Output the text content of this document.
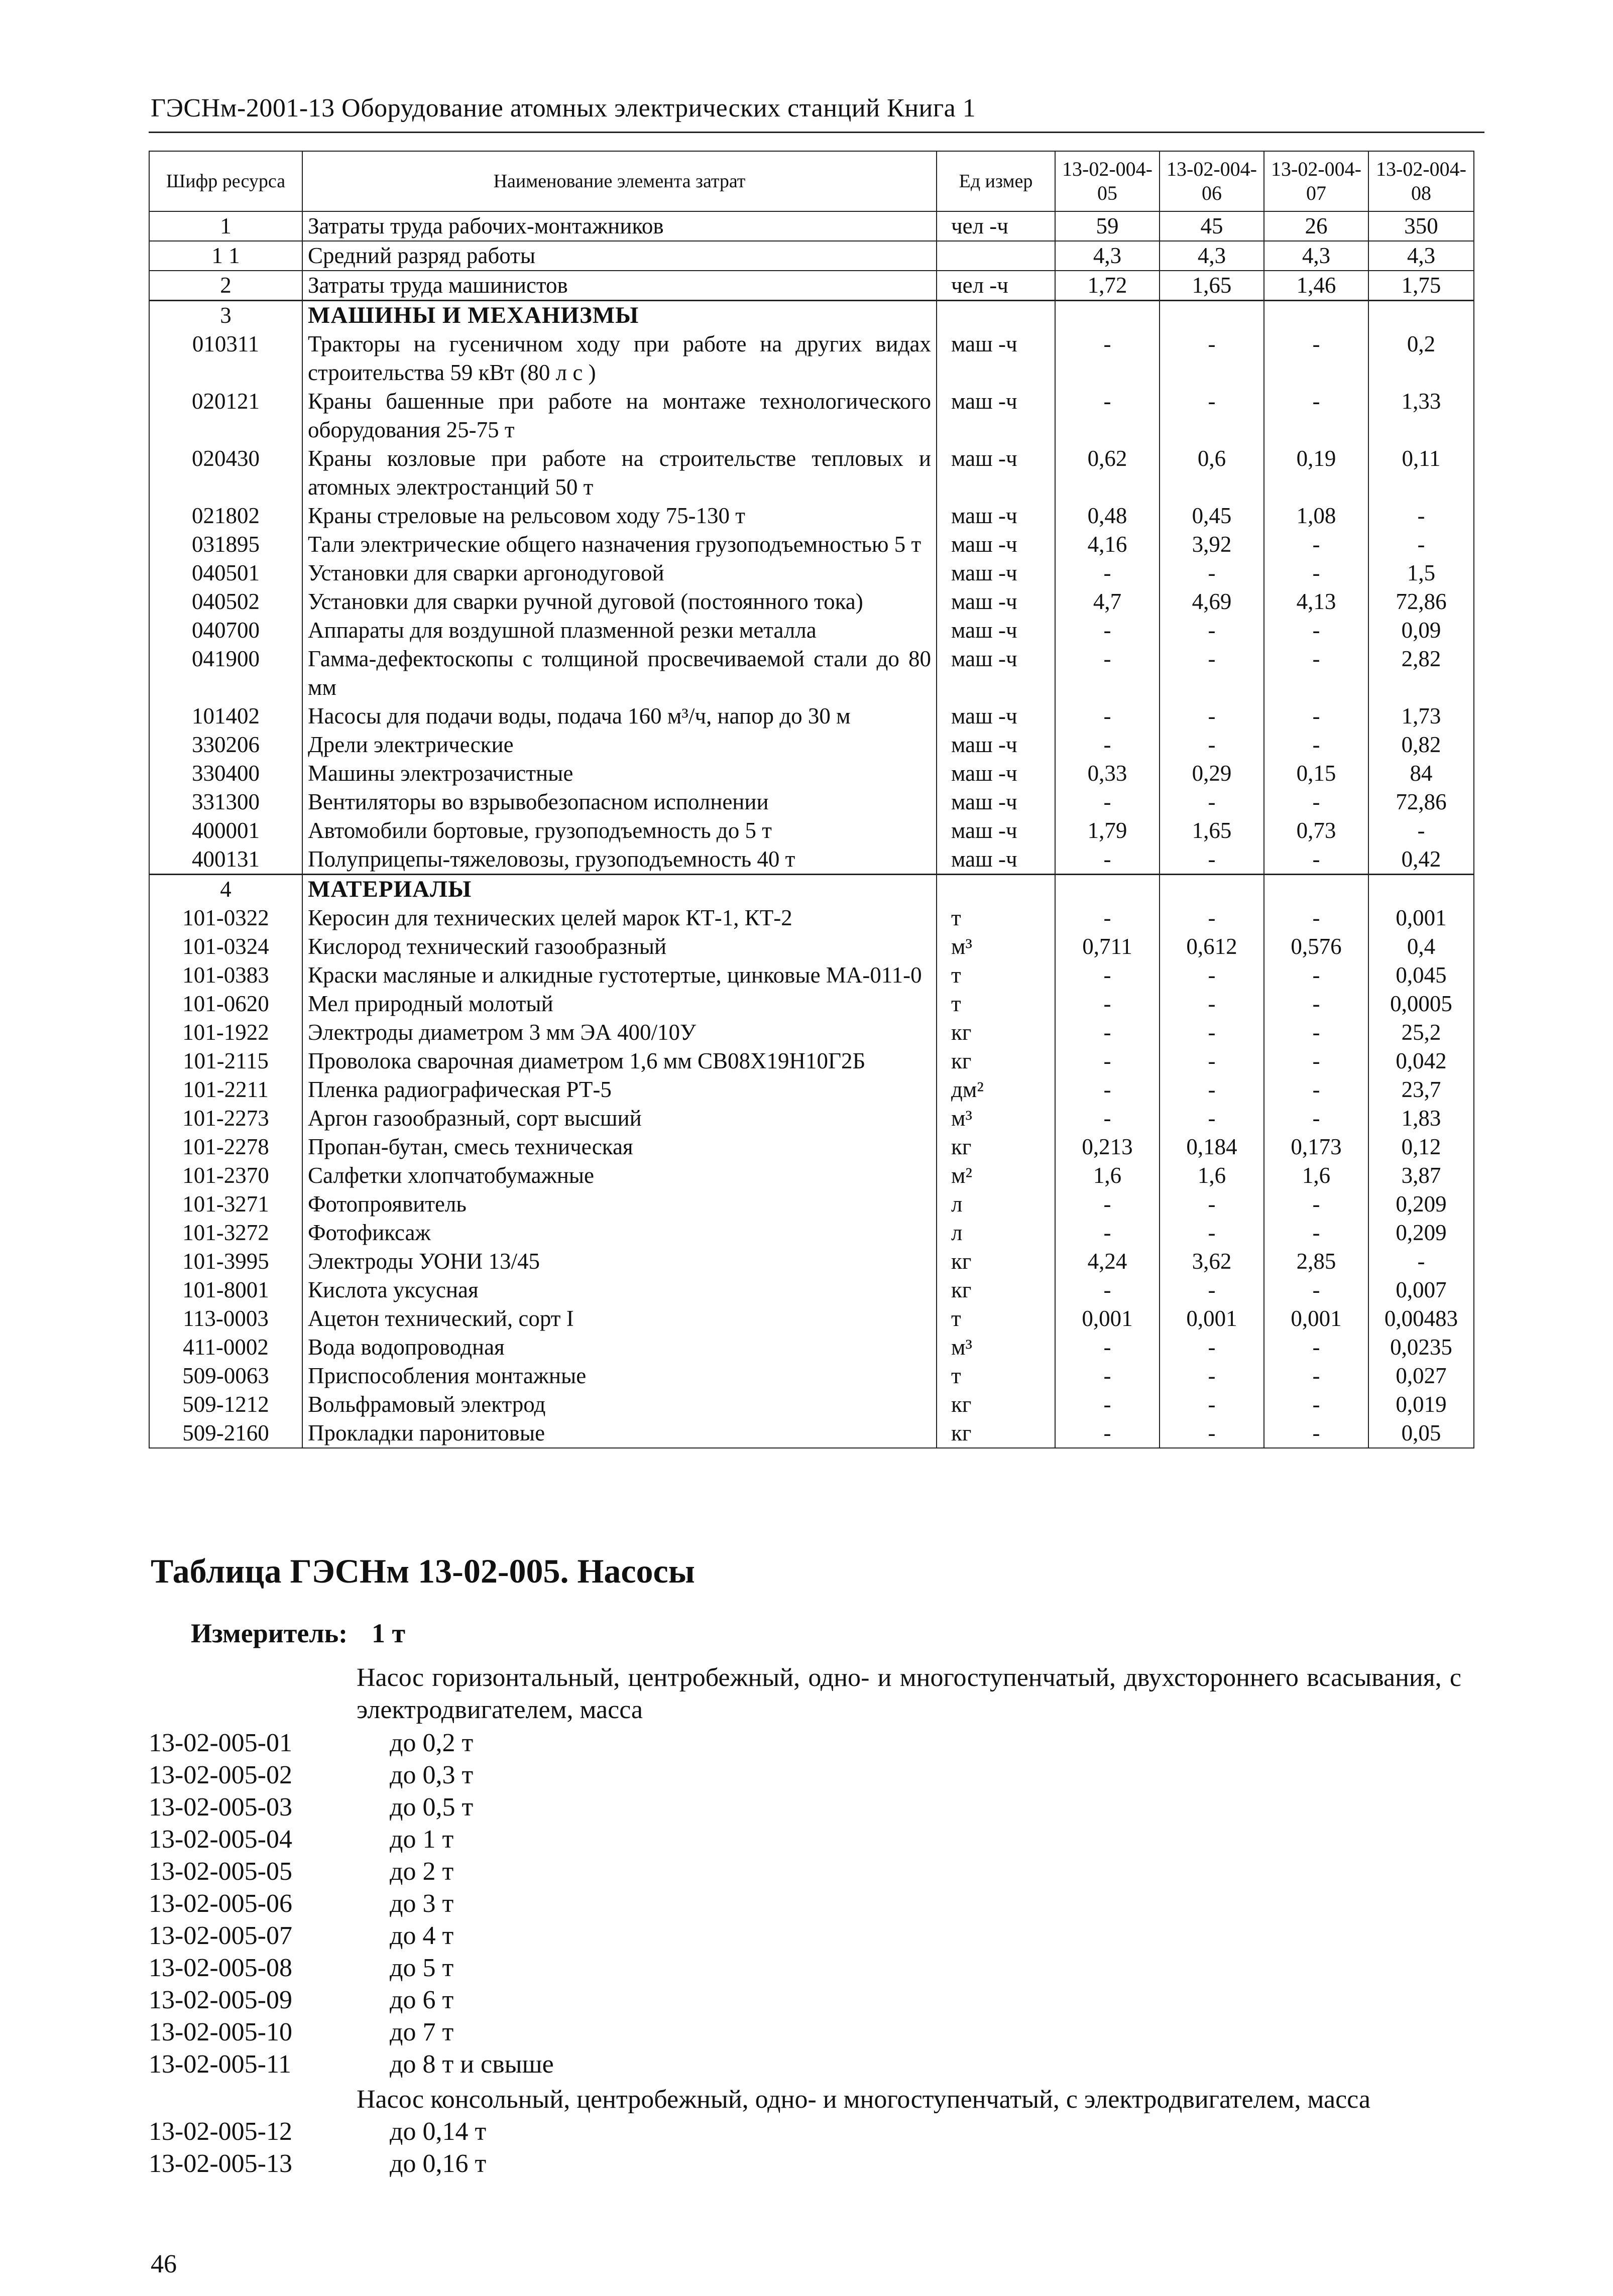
ГЭСНм-2001-13 Оборудование атомных электрических станций Книга 1
Шифр ресурса	Наименование элемента затрат	Ед измер	13-02-004-05	13-02-004-06	13-02-004-07	13-02-004-08
1	Затраты труда рабочих-монтажников	чел -ч	59	45	26	350
1 1	Средний разряд работы		4,3	4,3	4,3	4,3
2	Затраты труда машинистов	чел -ч	1,72	1,65	1,46	1,75
3	МАШИНЫ И МЕХАНИЗМЫ					
010311	Тракторы на гусеничном ходу при работе на других видах строительства 59 кВт (80 л с )	маш -ч	-	-	-	0,2
020121	Краны башенные при работе на монтаже технологического оборудования 25-75 т	маш -ч	-	-	-	1,33
020430	Краны козловые при работе на строительстве тепловых и атомных электростанций 50 т	маш -ч	0,62	0,6	0,19	0,11
021802	Краны стреловые на рельсовом ходу 75-130 т	маш -ч	0,48	0,45	1,08	-
031895	Тали электрические общего назначения грузоподъемностью 5 т	маш -ч	4,16	3,92	-	-
040501	Установки для сварки аргонодуговой	маш -ч	-	-	-	1,5
040502	Установки для сварки ручной дуговой (постоянного тока)	маш -ч	4,7	4,69	4,13	72,86
040700	Аппараты для воздушной плазменной резки металла	маш -ч	-	-	-	0,09
041900	Гамма-дефектоскопы с толщиной просвечиваемой стали до 80 мм	маш -ч	-	-	-	2,82
101402	Насосы для подачи воды, подача 160 м³/ч, напор до 30 м	маш -ч	-	-	-	1,73
330206	Дрели электрические	маш -ч	-	-	-	0,82
330400	Машины электрозачистные	маш -ч	0,33	0,29	0,15	84
331300	Вентиляторы во взрывобезопасном исполнении	маш -ч	-	-	-	72,86
400001	Автомобили бортовые, грузоподъемность до 5 т	маш -ч	1,79	1,65	0,73	-
400131	Полуприцепы-тяжеловозы, грузоподъемность 40 т	маш -ч	-	-	-	0,42
4	МАТЕРИАЛЫ					
101-0322	Керосин для технических целей марок КТ-1, КТ-2	т	-	-	-	0,001
101-0324	Кислород технический газообразный	м³	0,711	0,612	0,576	0,4
101-0383	Краски масляные и алкидные густотертые, цинковые МА-011-0	т	-	-	-	0,045
101-0620	Мел природный молотый	т	-	-	-	0,0005
101-1922	Электроды диаметром 3 мм ЭА 400/10У	кг	-	-	-	25,2
101-2115	Проволока сварочная диаметром 1,6 мм СВ08Х19Н10Г2Б	кг	-	-	-	0,042
101-2211	Пленка радиографическая РТ-5	дм²	-	-	-	23,7
101-2273	Аргон газообразный, сорт высший	м³	-	-	-	1,83
101-2278	Пропан-бутан, смесь техническая	кг	0,213	0,184	0,173	0,12
101-2370	Салфетки хлопчатобумажные	м²	1,6	1,6	1,6	3,87
101-3271	Фотопроявитель	л	-	-	-	0,209
101-3272	Фотофиксаж	л	-	-	-	0,209
101-3995	Электроды УОНИ 13/45	кг	4,24	3,62	2,85	-
101-8001	Кислота уксусная	кг	-	-	-	0,007
113-0003	Ацетон технический, сорт I	т	0,001	0,001	0,001	0,00483
411-0002	Вода водопроводная	м³	-	-	-	0,0235
509-0063	Приспособления монтажные	т	-	-	-	0,027
509-1212	Вольфрамовый электрод	кг	-	-	-	0,019
509-2160	Прокладки паронитовые	кг	-	-	-	0,05
Таблица ГЭСНм 13-02-005. Насосы
Измеритель: 1 т
Насос горизонтальный, центробежный, одно- и многоступенчатый, двухстороннего всасывания, с электродвигателем, масса
13-02-005-01	до 0,2 т
13-02-005-02	до 0,3 т
13-02-005-03	до 0,5 т
13-02-005-04	до 1 т
13-02-005-05	до 2 т
13-02-005-06	до 3 т
13-02-005-07	до 4 т
13-02-005-08	до 5 т
13-02-005-09	до 6 т
13-02-005-10	до 7 т
13-02-005-11	до 8 т и свыше
Насос консольный, центробежный, одно- и многоступенчатый, с электродвигателем, масса
13-02-005-12	до 0,14 т
13-02-005-13	до 0,16 т
46
